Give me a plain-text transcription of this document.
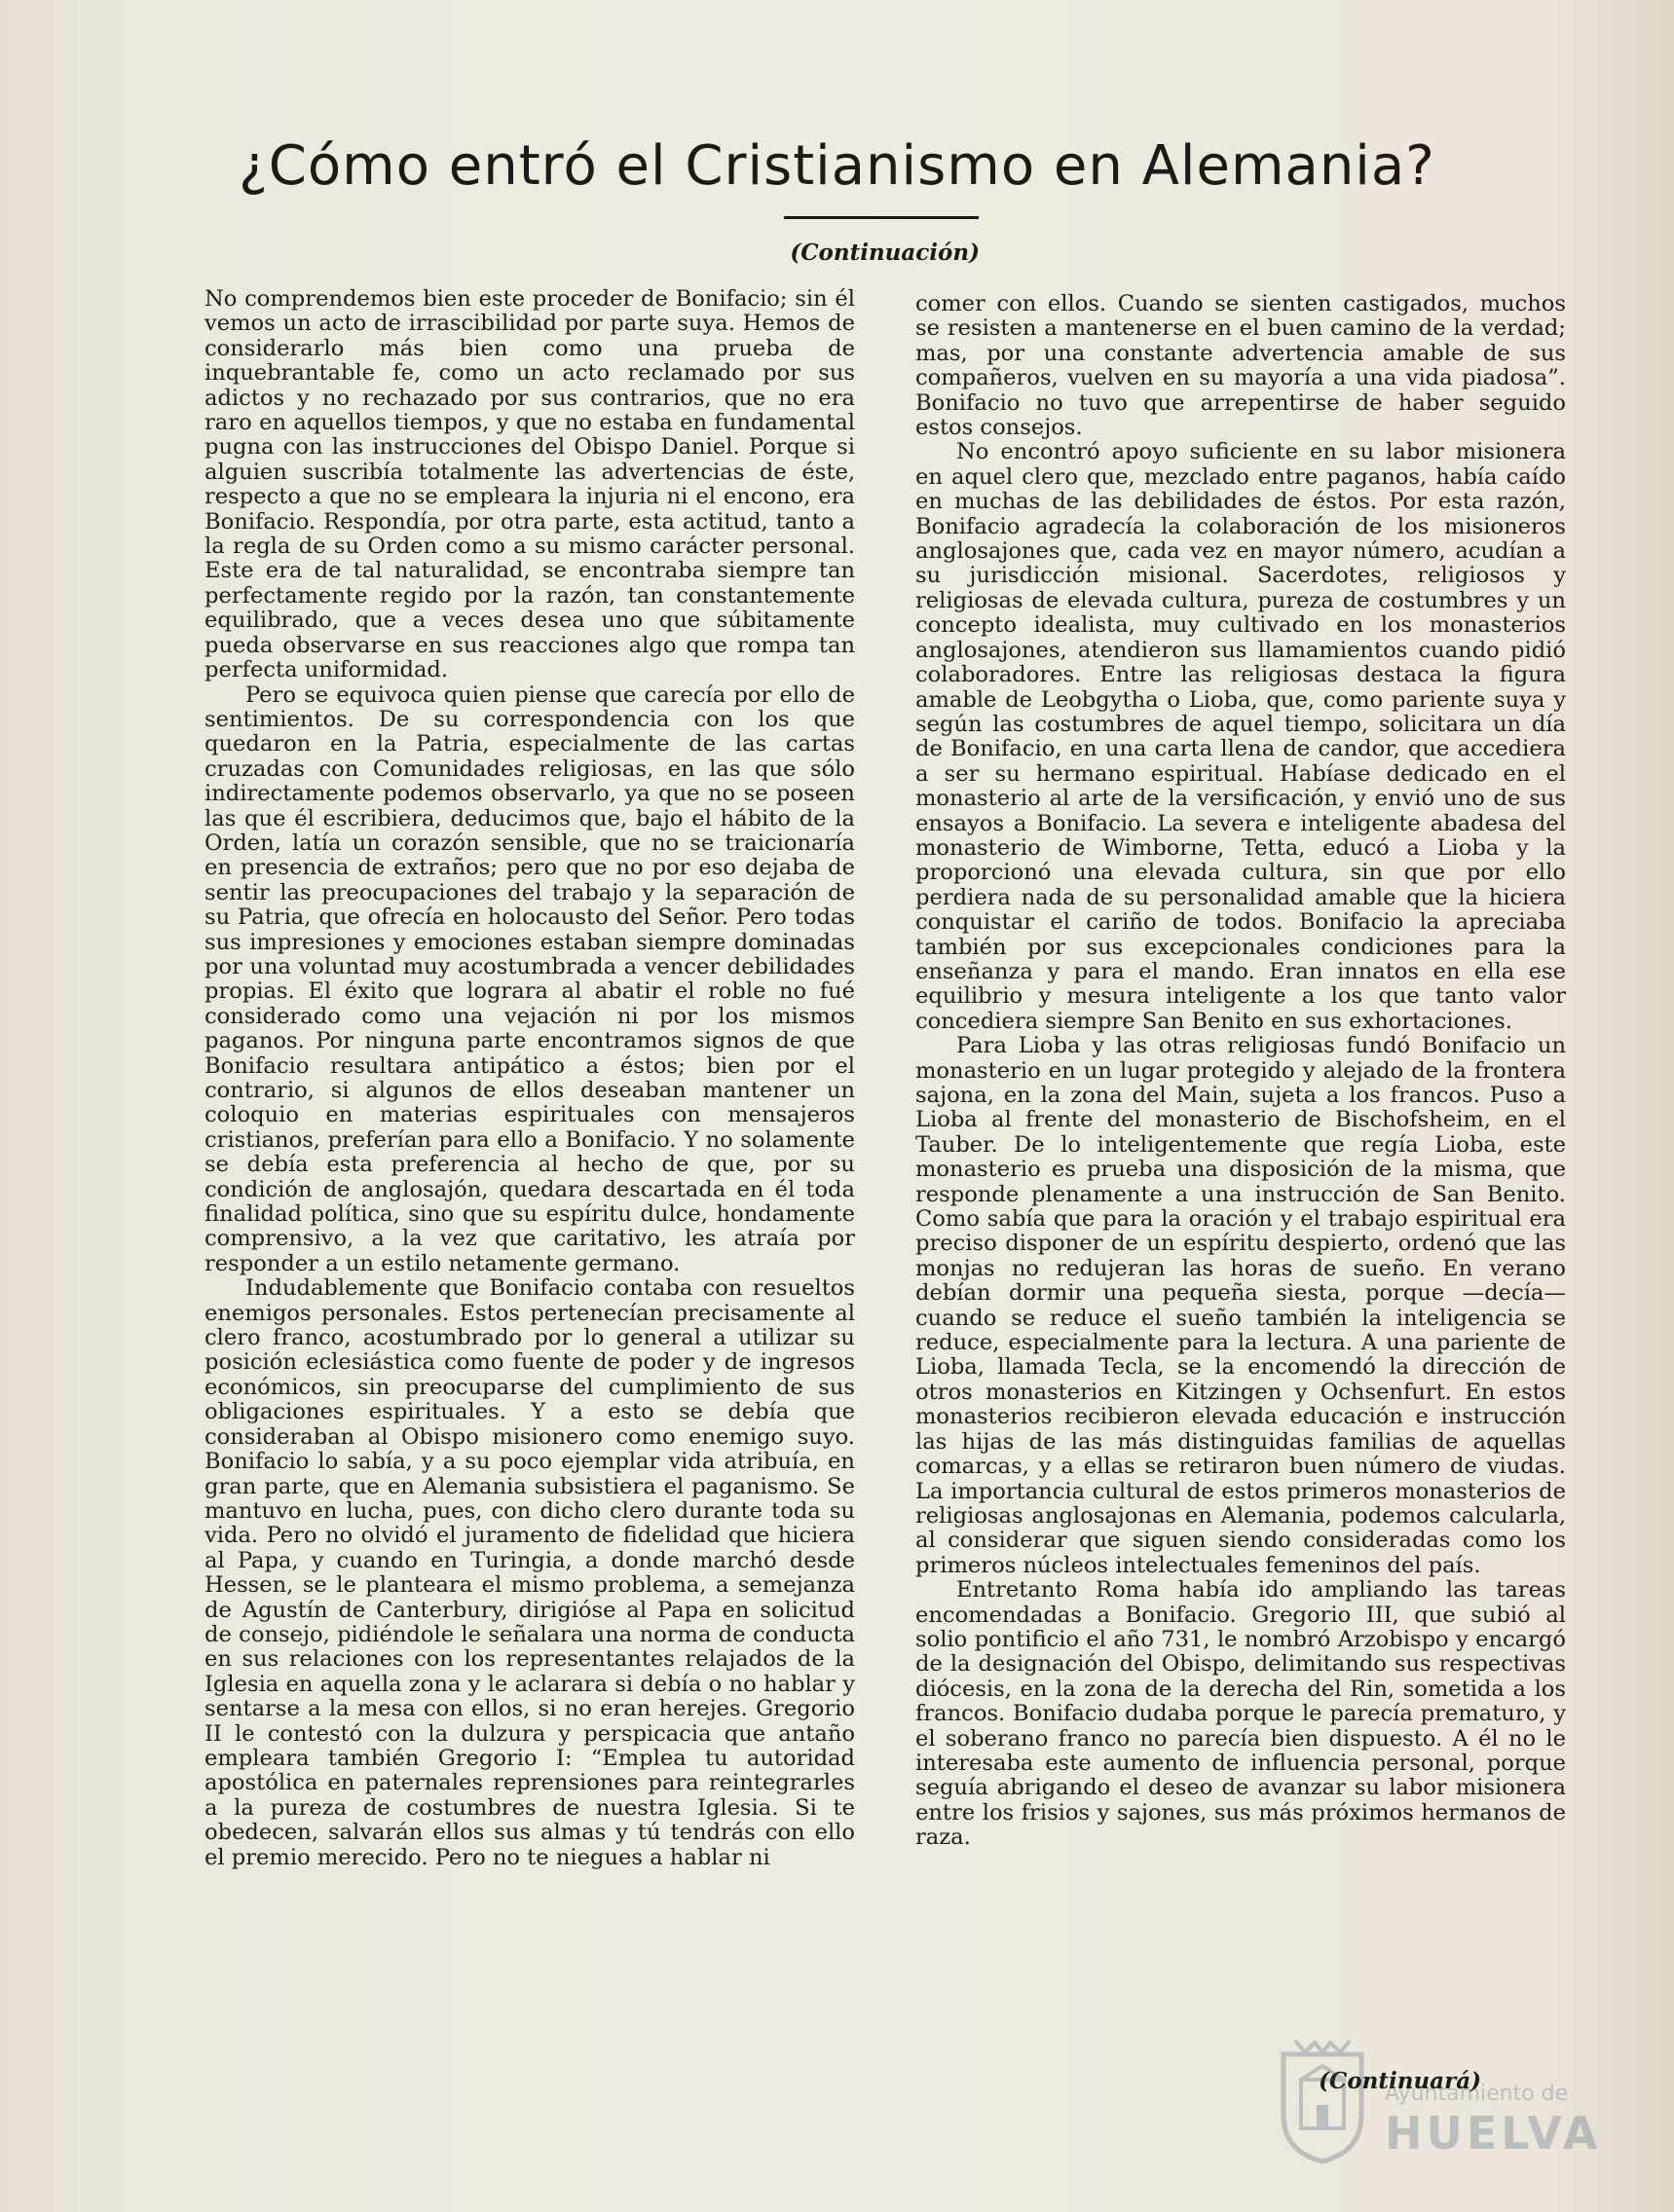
¿Cómo entró el Cristianismo en Alemania?
(Continuación)

No comprendemos bien este proceder de Bonifacio; sin él vemos un acto de irrascibilidad por parte suya. Hemos de considerarlo más bien como una prueba de inquebrantable fe, como un acto reclamado por sus adictos y no rechazado por sus contrarios, que no era raro en aquellos tiempos, y que no estaba en fundamental pugna con las instrucciones del Obispo Daniel. Porque si alguien suscribía totalmente las advertencias de éste, respecto a que no se empleara la injuria ni el encono, era Bonifacio. Respondía, por otra parte, esta actitud, tanto a la regla de su Orden como a su mismo carácter personal. Este era de tal naturalidad, se encontraba siempre tan perfectamente regido por la razón, tan constantemente equilibrado, que a veces desea uno que súbitamente pueda observarse en sus reacciones algo que rompa tan perfecta uniformidad.

Pero se equivoca quien piense que carecía por ello de sentimientos. De su correspondencia con los que quedaron en la Patria, especialmente de las cartas cruzadas con Comunidades religiosas, en las que sólo indirectamente podemos observarlo, ya que no se poseen las que él escribiera, deducimos que, bajo el hábito de la Orden, latía un corazón sensible, que no se traicionaría en presencia de extraños; pero que no por eso dejaba de sentir las preocupaciones del trabajo y la separación de su Patria, que ofrecía en holocausto del Señor. Pero todas sus impresiones y emociones estaban siempre dominadas por una voluntad muy acostumbrada a vencer debilidades propias. El éxito que lograra al abatir el roble no fué considerado como una vejación ni por los mismos paganos. Por ninguna parte encontramos signos de que Bonifacio resultara antipático a éstos; bien por el contrario, si algunos de ellos deseaban mantener un coloquio en materias espirituales con mensajeros cristianos, preferían para ello a Bonifacio. Y no solamente se debía esta preferencia al hecho de que, por su condición de anglosajón, quedara descartada en él toda finalidad política, sino que su espíritu dulce, hondamente comprensivo, a la vez que caritativo, les atraía por responder a un estilo netamente germano.

Indudablemente que Bonifacio contaba con resueltos enemigos personales. Estos pertenecían precisamente al clero franco, acostumbrado por lo general a utilizar su posición eclesiástica como fuente de poder y de ingresos económicos, sin preocuparse del cumplimiento de sus obligaciones espirituales. Y a esto se debía que consideraban al Obispo misionero como enemigo suyo. Bonifacio lo sabía, y a su poco ejemplar vida atribuía, en gran parte, que en Alemania subsistiera el paganismo. Se mantuvo en lucha, pues, con dicho clero durante toda su vida. Pero no olvidó el juramento de fidelidad que hiciera al Papa, y cuando en Turingia, a donde marchó desde Hessen, se le planteara el mismo problema, a semejanza de Agustín de Canterbury, dirigióse al Papa en solicitud de consejo, pidiéndole le señalara una norma de conducta en sus relaciones con los representantes relajados de la Iglesia en aquella zona y le aclarara si debía o no hablar y sentarse a la mesa con ellos, si no eran herejes. Gregorio II le contestó con la dulzura y perspicacia que antaño empleara también Gregorio I: “Emplea tu autoridad apostólica en paternales reprensiones para reintegrarles a la pureza de costumbres de nuestra Iglesia. Si te obedecen, salvarán ellos sus almas y tú tendrás con ello el premio merecido. Pero no te niegues a hablar ni

comer con ellos. Cuando se sienten castigados, muchos se resisten a mantenerse en el buen camino de la verdad; mas, por una constante advertencia amable de sus compañeros, vuelven en su mayoría a una vida piadosa”. Bonifacio no tuvo que arrepentirse de haber seguido estos consejos.

No encontró apoyo suficiente en su labor misionera en aquel clero que, mezclado entre paganos, había caído en muchas de las debilidades de éstos. Por esta razón, Bonifacio agradecía la colaboración de los misioneros anglosajones que, cada vez en mayor número, acudían a su jurisdicción misional. Sacerdotes, religiosos y religiosas de elevada cultura, pureza de costumbres y un concepto idealista, muy cultivado en los monasterios anglosajones, atendieron sus llamamientos cuando pidió colaboradores. Entre las religiosas destaca la figura amable de Leobgytha o Lioba, que, como pariente suya y según las costumbres de aquel tiempo, solicitara un día de Bonifacio, en una carta llena de candor, que accediera a ser su hermano espiritual. Habíase dedicado en el monasterio al arte de la versificación, y envió uno de sus ensayos a Bonifacio. La severa e inteligente abadesa del monasterio de Wimborne, Tetta, educó a Lioba y la proporcionó una elevada cultura, sin que por ello perdiera nada de su personalidad amable que la hiciera conquistar el cariño de todos. Bonifacio la apreciaba también por sus excepcionales condiciones para la enseñanza y para el mando. Eran innatos en ella ese equilibrio y mesura inteligente a los que tanto valor concediera siempre San Benito en sus exhortaciones.

Para Lioba y las otras religiosas fundó Bonifacio un monasterio en un lugar protegido y alejado de la frontera sajona, en la zona del Main, sujeta a los francos. Puso a Lioba al frente del monasterio de Bischofsheim, en el Tauber. De lo inteligentemente que regía Lioba, este monasterio es prueba una disposición de la misma, que responde plenamente a una instrucción de San Benito. Como sabía que para la oración y el trabajo espiritual era preciso disponer de un espíritu despierto, ordenó que las monjas no redujeran las horas de sueño. En verano debían dormir una pequeña siesta, porque —decía— cuando se reduce el sueño también la inteligencia se reduce, especialmente para la lectura. A una pariente de Lioba, llamada Tecla, se la encomendó la dirección de otros monasterios en Kitzingen y Ochsenfurt. En estos monasterios recibieron elevada educación e instrucción las hijas de las más distinguidas familias de aquellas comarcas, y a ellas se retiraron buen número de viudas. La importancia cultural de estos primeros monasterios de religiosas anglosajonas en Alemania, podemos calcularla, al considerar que siguen siendo consideradas como los primeros núcleos intelectuales femeninos del país.

Entretanto Roma había ido ampliando las tareas encomendadas a Bonifacio. Gregorio III, que subió al solio pontificio el año 731, le nombró Arzobispo y encargó de la designación del Obispo, delimitando sus respectivas diócesis, en la zona de la derecha del Rin, sometida a los francos. Bonifacio dudaba porque le parecía prematuro, y el soberano franco no parecía bien dispuesto. A él no le interesaba este aumento de influencia personal, porque seguía abrigando el deseo de avanzar su labor misionera entre los frisios y sajones, sus más próximos hermanos de raza.

(Continuará)
Ayuntamiento de
HUELVA
